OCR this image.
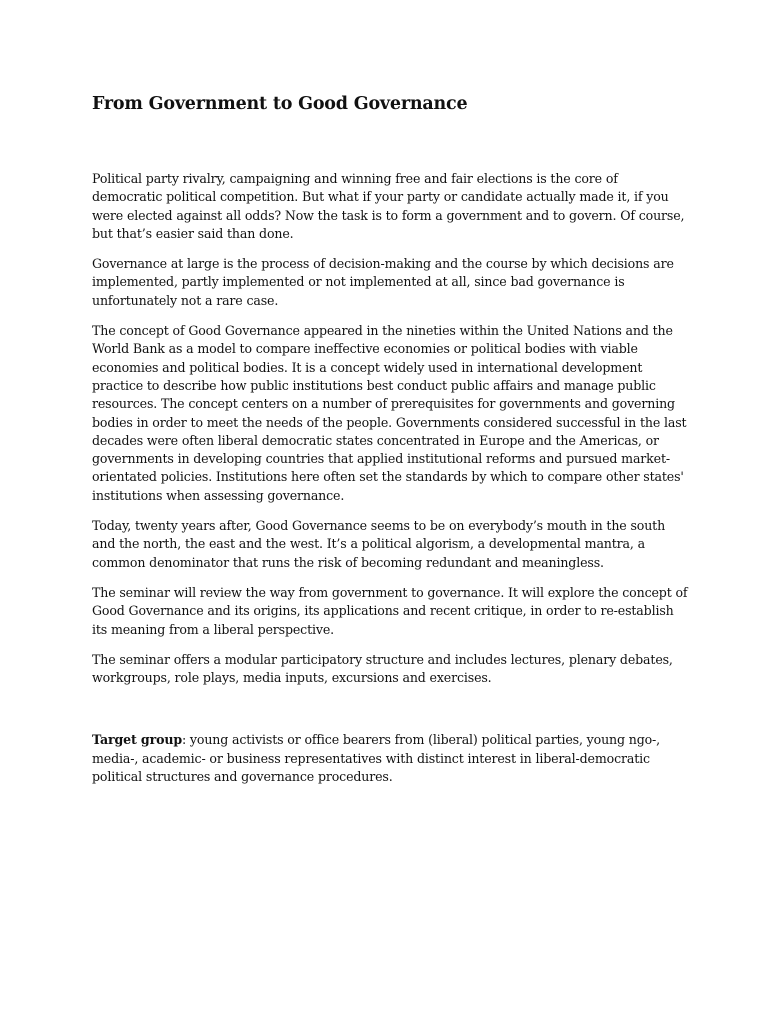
From Government to Good Governance

Political party rivalry, campaigning and winning free and fair elections is the core of democratic political competition. But what if your party or candidate actually made it, if you were elected against all odds? Now the task is to form a government and to govern. Of course, but that’s easier said than done.

Governance at large is the process of decision-making and the course by which decisions are implemented, partly implemented or not implemented at all, since bad governance is unfortunately not a rare case.

The concept of Good Governance appeared in the nineties within the United Nations and the World Bank as a model to compare ineffective economies or political bodies with viable economies and political bodies. It is a concept widely used in international development practice to describe how public institutions best conduct public affairs and manage public resources. The concept centers on a number of prerequisites for governments and governing bodies in order to meet the needs of the people. Governments considered successful in the last decades were often liberal democratic states concentrated in Europe and the Americas, or governments in developing countries that applied institutional reforms and pursued market-orientated policies. Institutions here often set the standards by which to compare other states' institutions when assessing governance.

Today, twenty years after, Good Governance seems to be on everybody’s mouth in the south and the north, the east and the west. It’s a political algorism, a developmental mantra, a common denominator that runs the risk of becoming redundant and meaningless.

The seminar will review the way from government to governance. It will explore the concept of Good Governance and its origins, its applications and recent critique, in order to re-establish its meaning from a liberal perspective.

The seminar offers a modular participatory structure and includes lectures, plenary debates, workgroups, role plays, media inputs, excursions and exercises.

Target group: young activists or office bearers from (liberal) political parties, young ngo-, media-, academic- or business representatives with distinct interest in liberal-democratic political structures and governance procedures.
